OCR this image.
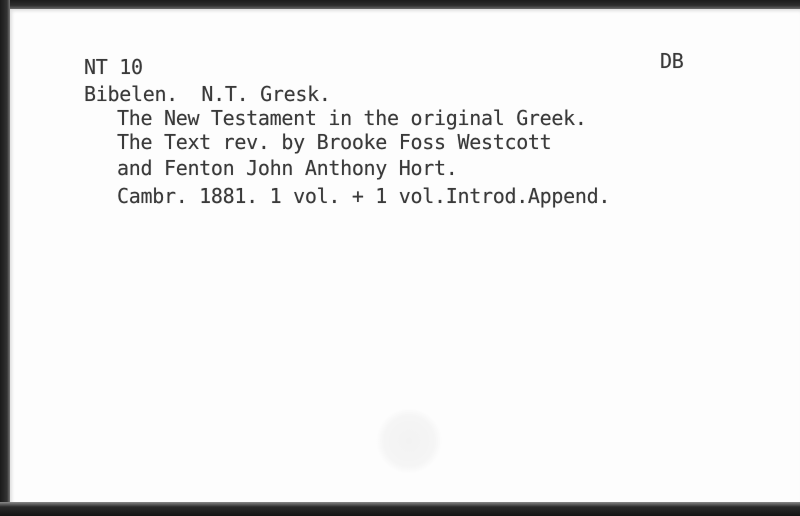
NT 10	DB
Bibelen.  N.T. Gresk.
The New Testament in the original Greek.
The Text rev. by Brooke Foss Westcott
and Fenton John Anthony Hort.
Cambr. 1881. 1 vol. + 1 vol.Introd.Append.
